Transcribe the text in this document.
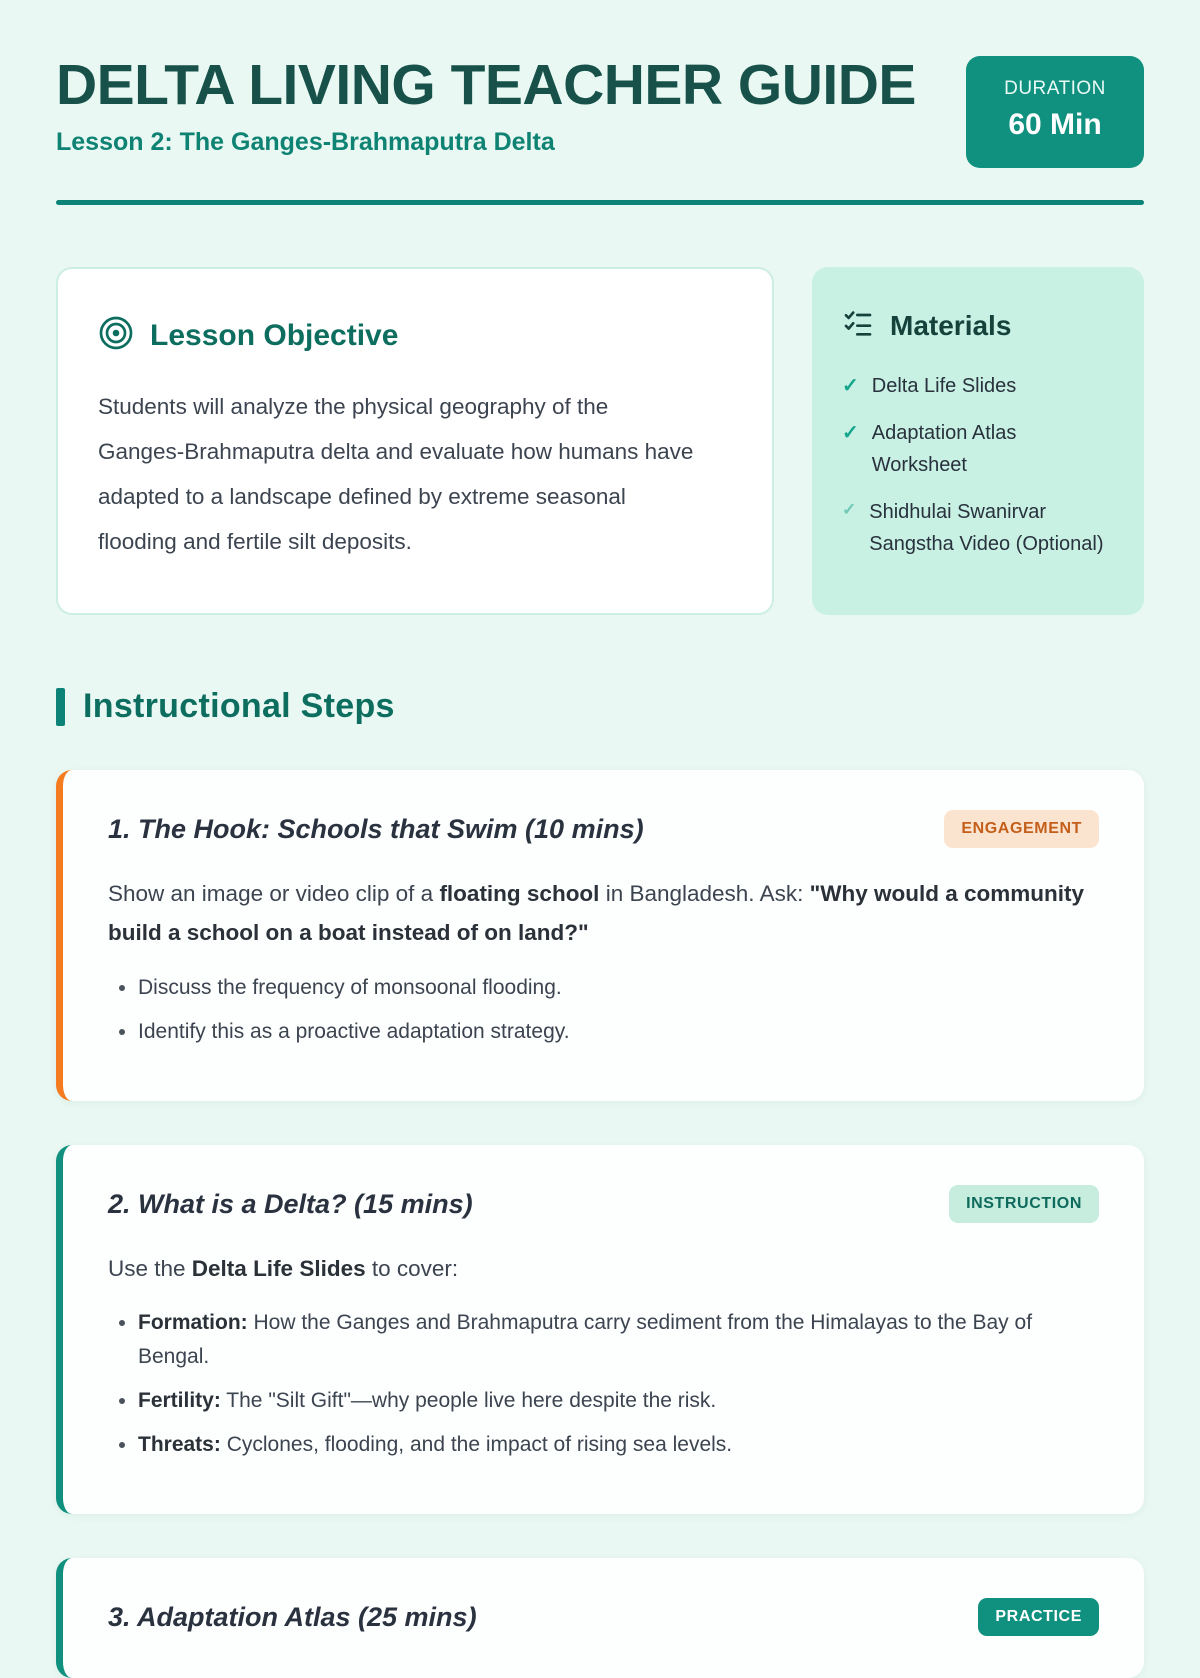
DELTA LIVING TEACHER GUIDE
Lesson 2: The Ganges-Brahmaputra Delta
DURATION
60 Min
Lesson Objective

Students will analyze the physical geography of the Ganges-Brahmaputra delta and evaluate how humans have adapted to a landscape defined by extreme seasonal flooding and fertile silt deposits.

Materials
✓ Delta Life Slides
✓ Adaptation Atlas Worksheet
✓ Shidhulai Swanirvar Sangstha Video (Optional)
Instructional Steps
1. The Hook: Schools that Swim (10 mins)	ENGAGEMENT

Show an image or video clip of a floating school in Bangladesh. Ask: "Why would a community build a school on a boat instead of on land?"

• Discuss the frequency of monsoonal flooding.
• Identify this as a proactive adaptation strategy.
2. What is a Delta? (15 mins)	INSTRUCTION

Use the Delta Life Slides to cover:

• Formation: How the Ganges and Brahmaputra carry sediment from the Himalayas to the Bay of Bengal.
• Fertility: The "Silt Gift"—why people live here despite the risk.
• Threats: Cyclones, flooding, and the impact of rising sea levels.
3. Adaptation Atlas (25 mins)	PRACTICE
